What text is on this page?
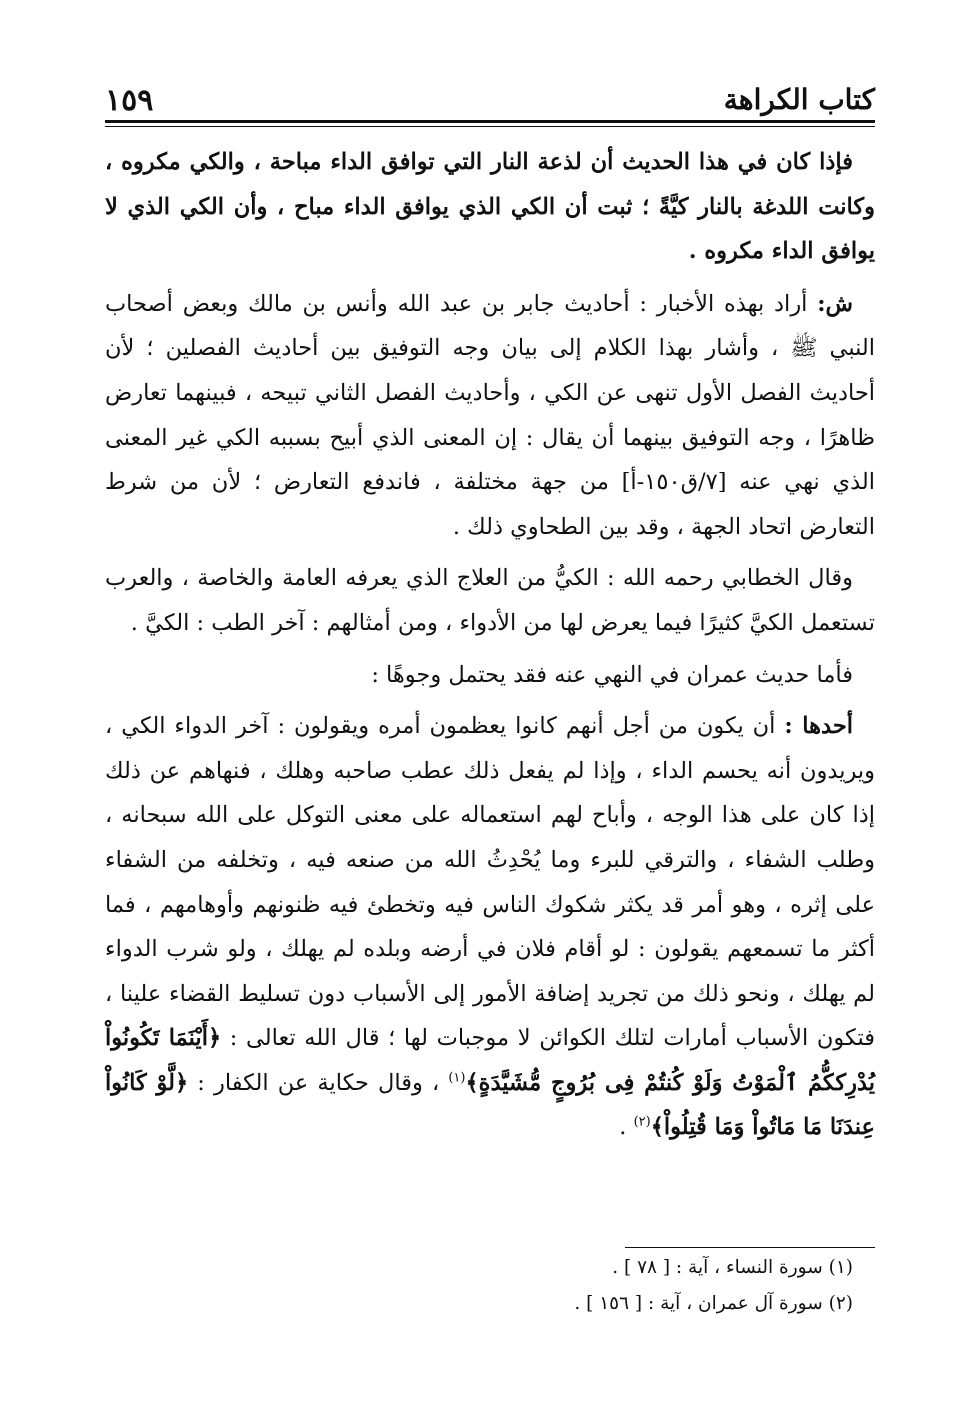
كتاب الكراهة
١٥٩

فإذا كان في هذا الحديث أن لذعة النار التي توافق الداء مباحة ، والكي مكروه ، وكانت اللدغة بالنار كيَّةً ؛ ثبت أن الكي الذي يوافق الداء مباح ، وأن الكي الذي لا يوافق الداء مكروه .

ش: أراد بهذه الأخبار : أحاديث جابر بن عبد الله وأنس بن مالك وبعض أصحاب النبي ﷺ ، وأشار بهذا الكلام إلى بيان وجه التوفيق بين أحاديث الفصلين ؛ لأن أحاديث الفصل الأول تنهى عن الكي ، وأحاديث الفصل الثاني تبيحه ، فبينهما تعارض ظاهرًا ، وجه التوفيق بينهما أن يقال : إن المعنى الذي أبيح بسببه الكي غير المعنى الذي نهي عنه [٧/ق١٥٠-أ] من جهة مختلفة ، فاندفع التعارض ؛ لأن من شرط التعارض اتحاد الجهة ، وقد بين الطحاوي ذلك .

وقال الخطابي رحمه الله : الكيُّ من العلاج الذي يعرفه العامة والخاصة ، والعرب تستعمل الكيَّ كثيرًا فيما يعرض لها من الأدواء ، ومن أمثالهم : آخر الطب : الكيَّ .

فأما حديث عمران في النهي عنه فقد يحتمل وجوهًا :

أحدها : أن يكون من أجل أنهم كانوا يعظمون أمره ويقولون : آخر الدواء الكي ، ويريدون أنه يحسم الداء ، وإذا لم يفعل ذلك عطب صاحبه وهلك ، فنهاهم عن ذلك إذا كان على هذا الوجه ، وأباح لهم استعماله على معنى التوكل على الله سبحانه ، وطلب الشفاء ، والترقي للبرء وما يُحْدِثُ الله من صنعه فيه ، وتخلفه من الشفاء على إثره ، وهو أمر قد يكثر شكوك الناس فيه وتخطئ فيه ظنونهم وأوهامهم ، فما أكثر ما تسمعهم يقولون : لو أقام فلان في أرضه وبلده لم يهلك ، ولو شرب الدواء لم يهلك ، ونحو ذلك من تجريد إضافة الأمور إلى الأسباب دون تسليط القضاء علينا ، فتكون الأسباب أمارات لتلك الكوائن لا موجبات لها ؛ قال الله تعالى : ﴿أَيْنَمَا تَكُونُواْ يُدْرِككُّمُ ٱلْمَوْتُ وَلَوْ كُنتُمْ فِى بُرُوجٍ مُّشَيَّدَةٍ﴾$^{(١)}$ ، وقال حكاية عن الكفار : ﴿لَّوْ كَانُواْ عِندَنَا مَا مَاتُواْ وَمَا قُتِلُواْ﴾$^{(٢)}$ .

(١) سورة النساء ، آية : [ ٧٨ ] .
(٢) سورة آل عمران ، آية : [ ١٥٦ ] .
